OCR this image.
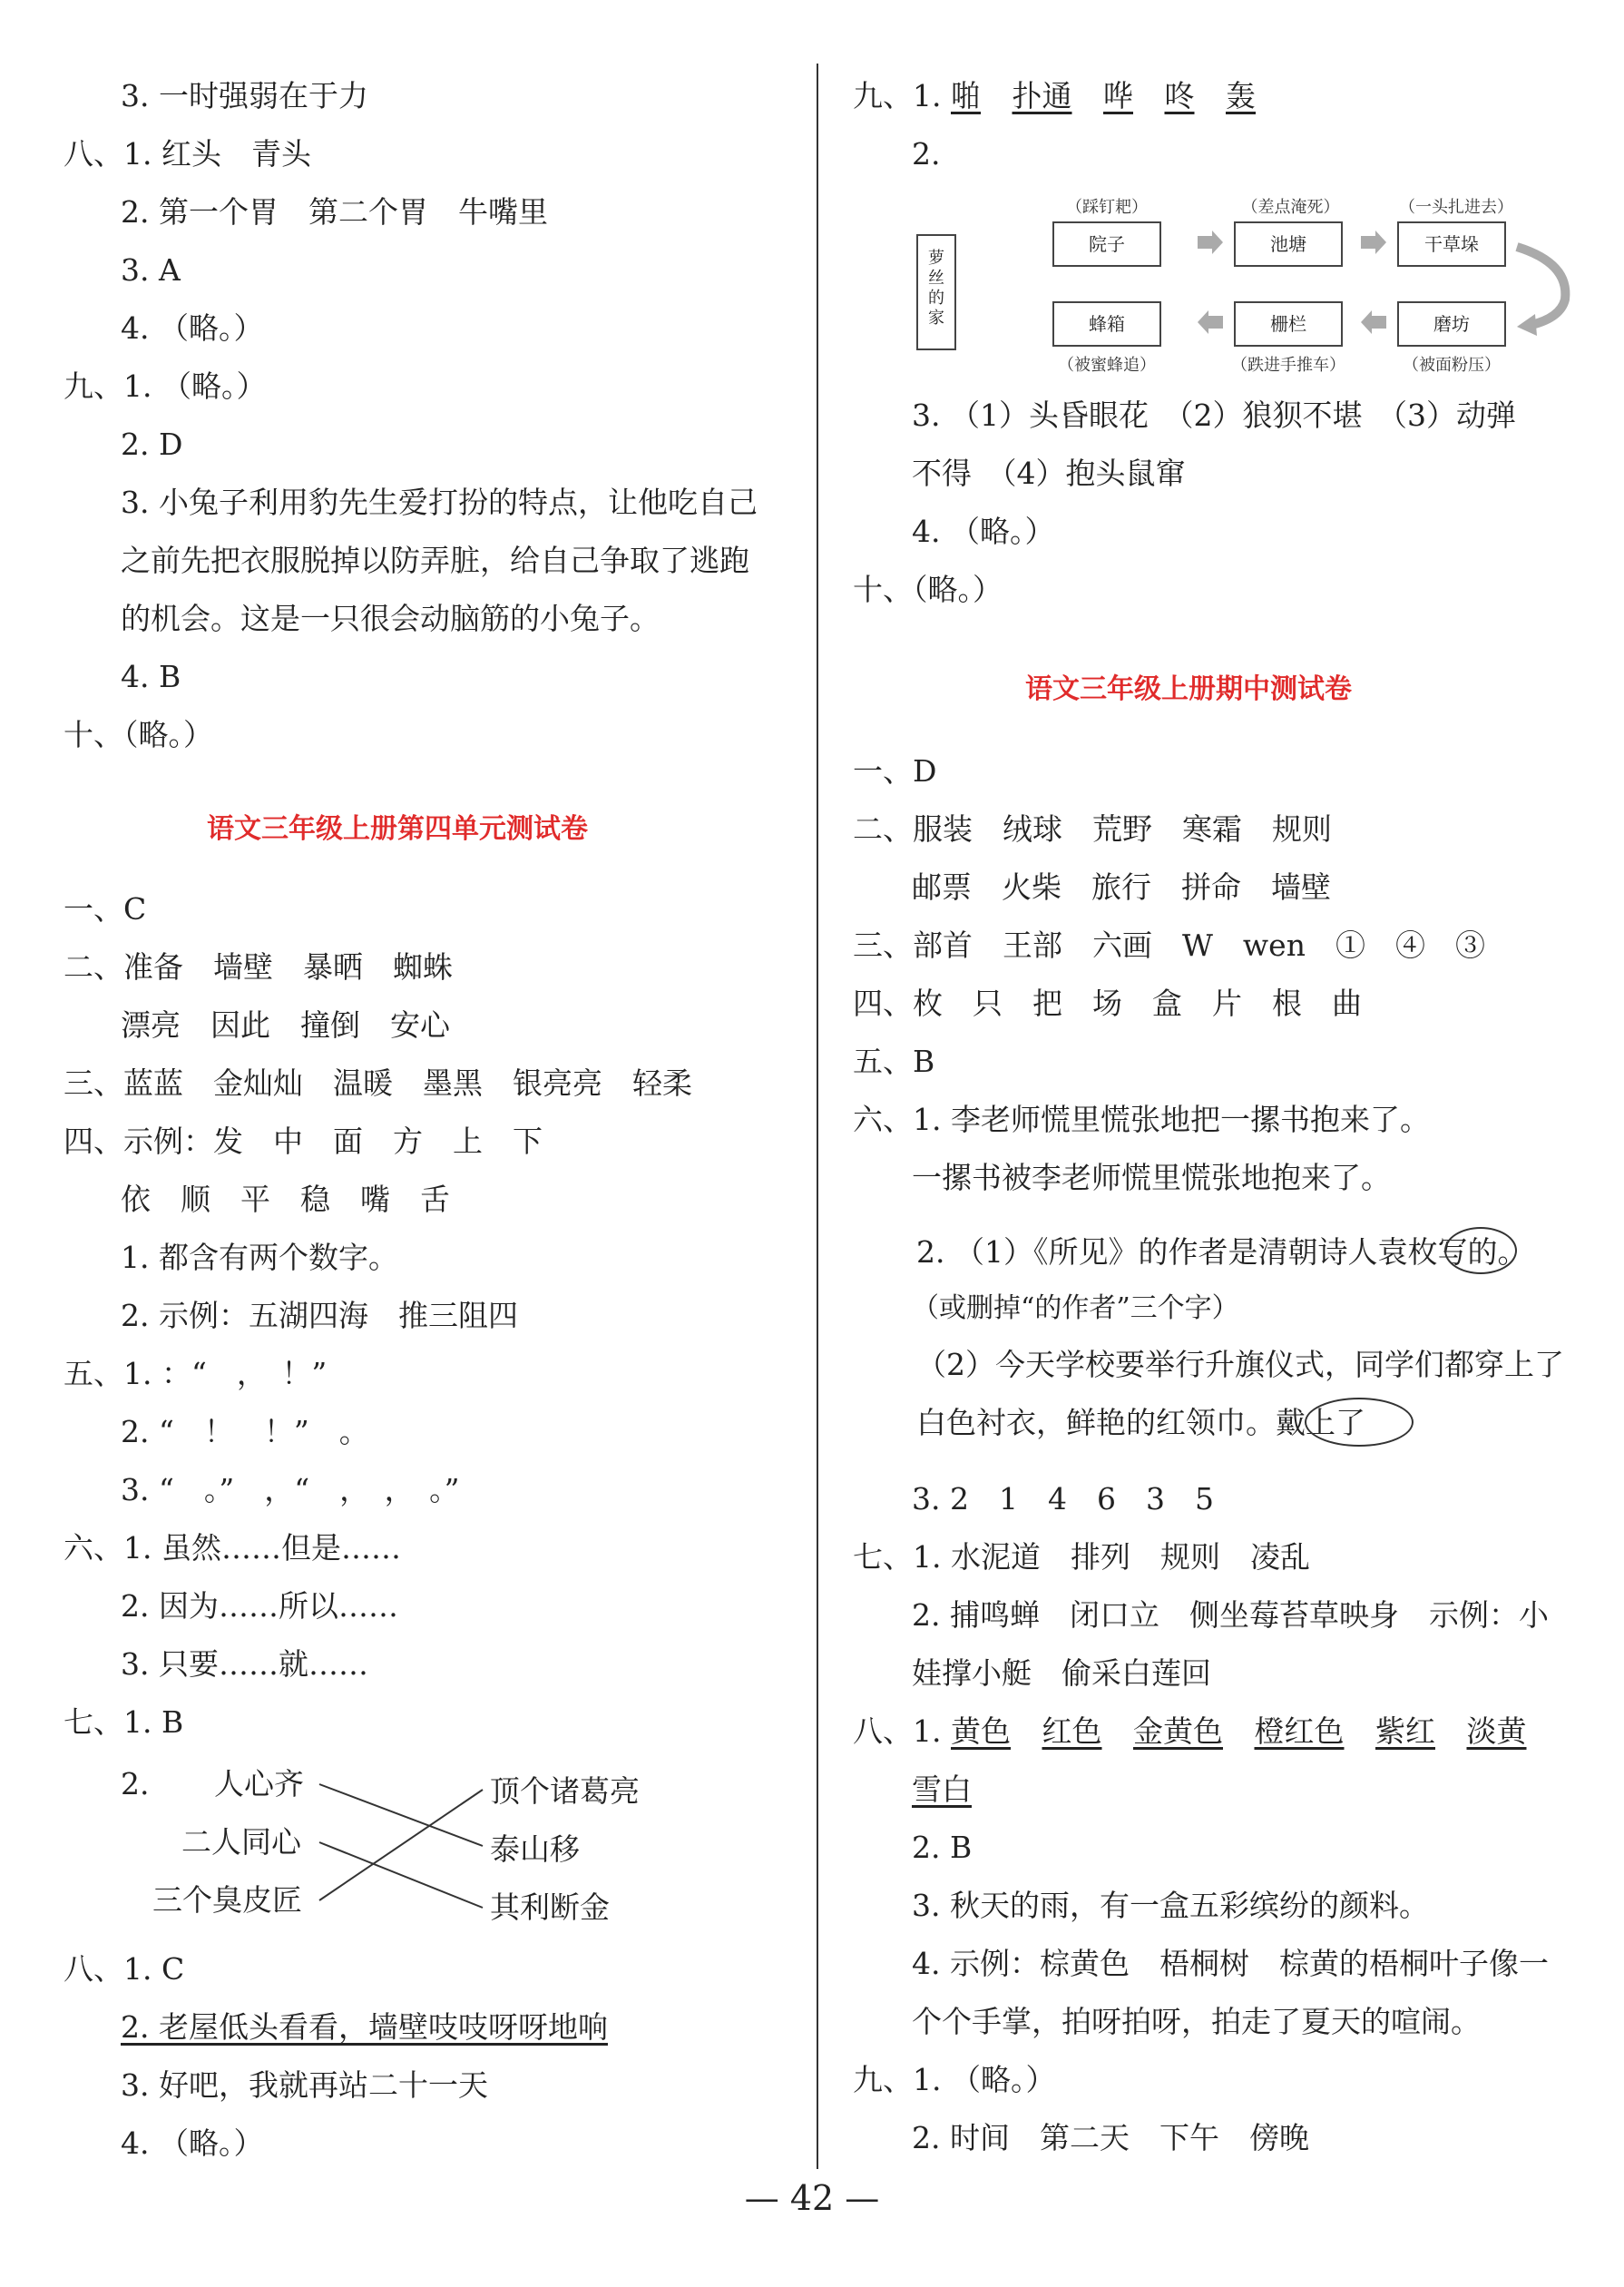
3. 一时强弱在于力
八、1. 红头　青头
2. 第一个胃　第二个胃　牛嘴里
3. A
4. （略。）
九、1. （略。）
2. D
3. 小兔子利用豹先生爱打扮的特点，让他吃自己
之前先把衣服脱掉以防弄脏，给自己争取了逃跑
的机会。这是一只很会动脑筋的小兔子。
4. B
十、（略。）
语文三年级上册第四单元测试卷
一、C
二、准备　墙壁　暴晒　蜘蛛
漂亮　因此　撞倒　安心
三、蓝蓝　金灿灿　温暖　墨黑　银亮亮　轻柔
四、示例：发　中　面　方　上　下
依　顺　平　稳　嘴　舌
1. 都含有两个数字。
2. 示例：五湖四海　推三阻四
五、1. ：“　，　！”
2. “　！　！”　。
3. “　。”　，“　，　，　。”
六、1. 虽然……但是……
2. 因为……所以……
3. 只要……就……
七、1. B
2. 人心齐
二人同心
三个臭皮匠
顶个诸葛亮
泰山移
其利断金
八、1. C
2. 老屋低头看看，墙壁吱吱呀呀地响
3. 好吧，我就再站二十一天
4. （略。）
九、1. 啪 扑通 哗 咚 轰
2.
萝丝的家
（踩钉耙）	（差点淹死）	（一头扎进去）
院子	池塘	干草垛
蜂箱	栅栏	磨坊
（被蜜蜂追）	（跌进手推车）	（被面粉压）
3. （1）头昏眼花　（2）狼狈不堪　（3）动弹
不得　（4）抱头鼠窜
4. （略。）
十、（略。）
语文三年级上册期中测试卷
一、D
二、服装　绒球　荒野　寒霜　规则
邮票　火柴　旅行　拼命　墙壁
三、部首　王部　六画　W　wen　①　④　③
四、枚　只　把　场　盒　片　根　曲
五、B
六、1. 李老师慌里慌张地把一摞书抱来了。
一摞书被李老师慌里慌张地抱来了。
2. （1）《所见》的作者是清朝诗人袁枚写的。
（或删掉“的作者”三个字）
（2）今天学校要举行升旗仪式，同学们都穿上了
白色衬衣，鲜艳的红领巾。戴上了
3. 2　1　4　6　3　5
七、1. 水泥道　排列　规则　凌乱
2. 捕鸣蝉　闭口立　侧坐莓苔草映身　示例：小
娃撑小艇　偷采白莲回
八、1. 黄色 红色 金黄色 橙红色 紫红 淡黄
雪白
2. B
3. 秋天的雨，有一盒五彩缤纷的颜料。
4. 示例：棕黄色　梧桐树　棕黄的梧桐叶子像一
个个手掌，拍呀拍呀，拍走了夏天的喧闹。
九、1. （略。）
2. 时间　第二天　下午　傍晚
— 42 —
